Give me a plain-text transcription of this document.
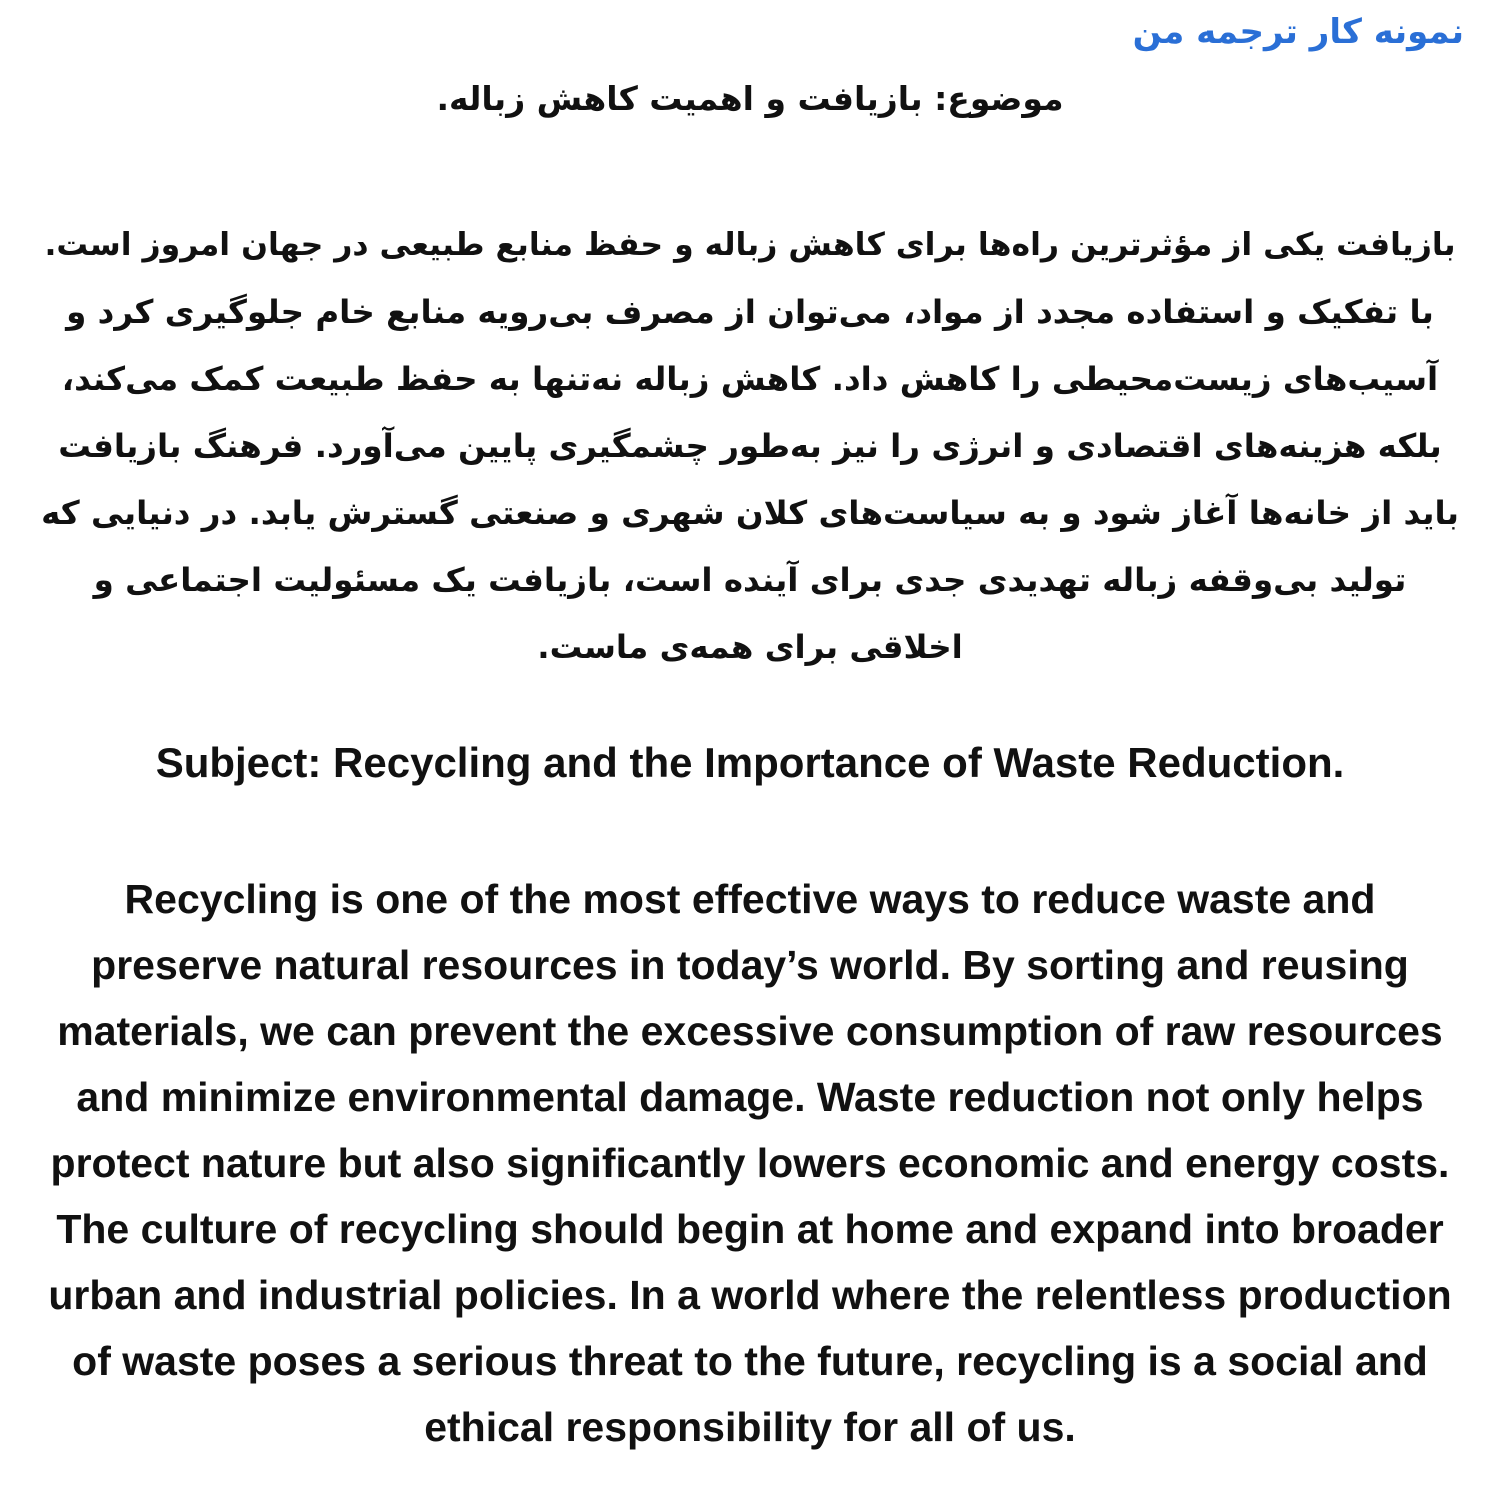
نمونه کار ترجمه من
موضوع: بازیافت و اهمیت کاهش زباله.
بازیافت یکی از مؤثرترین راه‌ها برای کاهش زباله و حفظ منابع طبیعی در جهان امروز است.
با تفکیک و استفاده مجدد از مواد، می‌توان از مصرف بی‌رویه منابع خام جلوگیری کرد و
آسیب‌های زیست‌محیطی را کاهش داد. کاهش زباله نه‌تنها به حفظ طبیعت کمک می‌کند،
بلکه هزینه‌های اقتصادی و انرژی را نیز به‌طور چشمگیری پایین می‌آورد. فرهنگ بازیافت
باید از خانه‌ها آغاز شود و به سیاست‌های کلان شهری و صنعتی گسترش یابد. در دنیایی که
تولید بی‌وقفه زباله تهدیدی جدی برای آینده است، بازیافت یک مسئولیت اجتماعی و
اخلاقی برای همه‌ی ماست.
Subject: Recycling and the Importance of Waste Reduction.
Recycling is one of the most effective ways to reduce waste and
preserve natural resources in today’s world. By sorting and reusing
materials, we can prevent the excessive consumption of raw resources
and minimize environmental damage. Waste reduction not only helps
protect nature but also significantly lowers economic and energy costs.
The culture of recycling should begin at home and expand into broader
urban and industrial policies. In a world where the relentless production
of waste poses a serious threat to the future, recycling is a social and
ethical responsibility for all of us.
